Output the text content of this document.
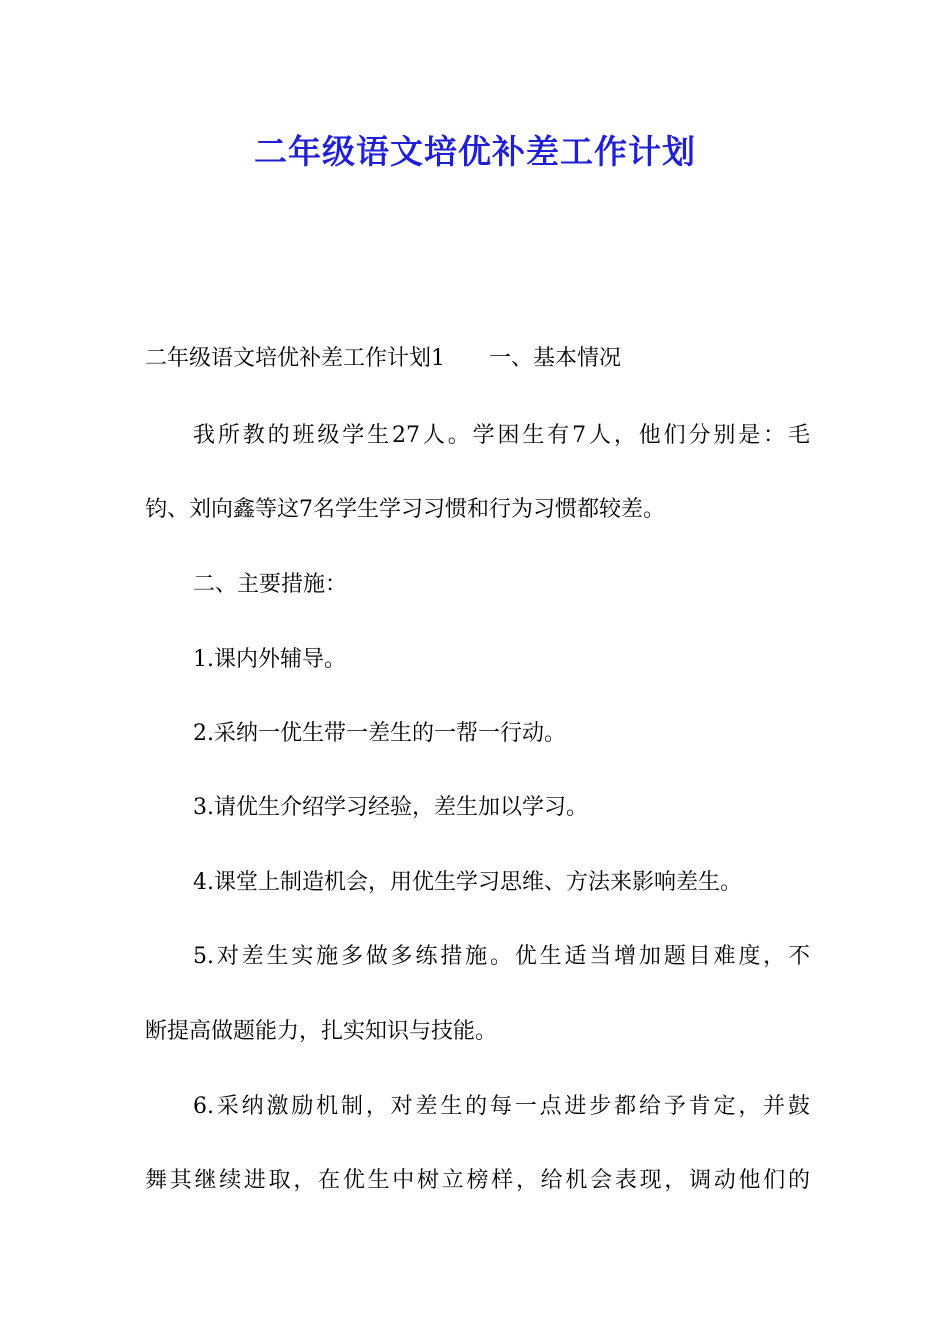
二年级语文培优补差工作计划
二年级语文培优补差工作计划1　　一、基本情况
我所教的班级学生27人。学困生有7人，他们分别是：毛
钧、刘向鑫等这7名学生学习习惯和行为习惯都较差。
二、主要措施：
1.课内外辅导。
2.采纳一优生带一差生的一帮一行动。
3.请优生介绍学习经验，差生加以学习。
4.课堂上制造机会，用优生学习思维、方法来影响差生。
5.对差生实施多做多练措施。优生适当增加题目难度，不
断提高做题能力，扎实知识与技能。
6.采纳激励机制，对差生的每一点进步都给予肯定，并鼓
舞其继续进取，在优生中树立榜样，给机会表现，调动他们的
